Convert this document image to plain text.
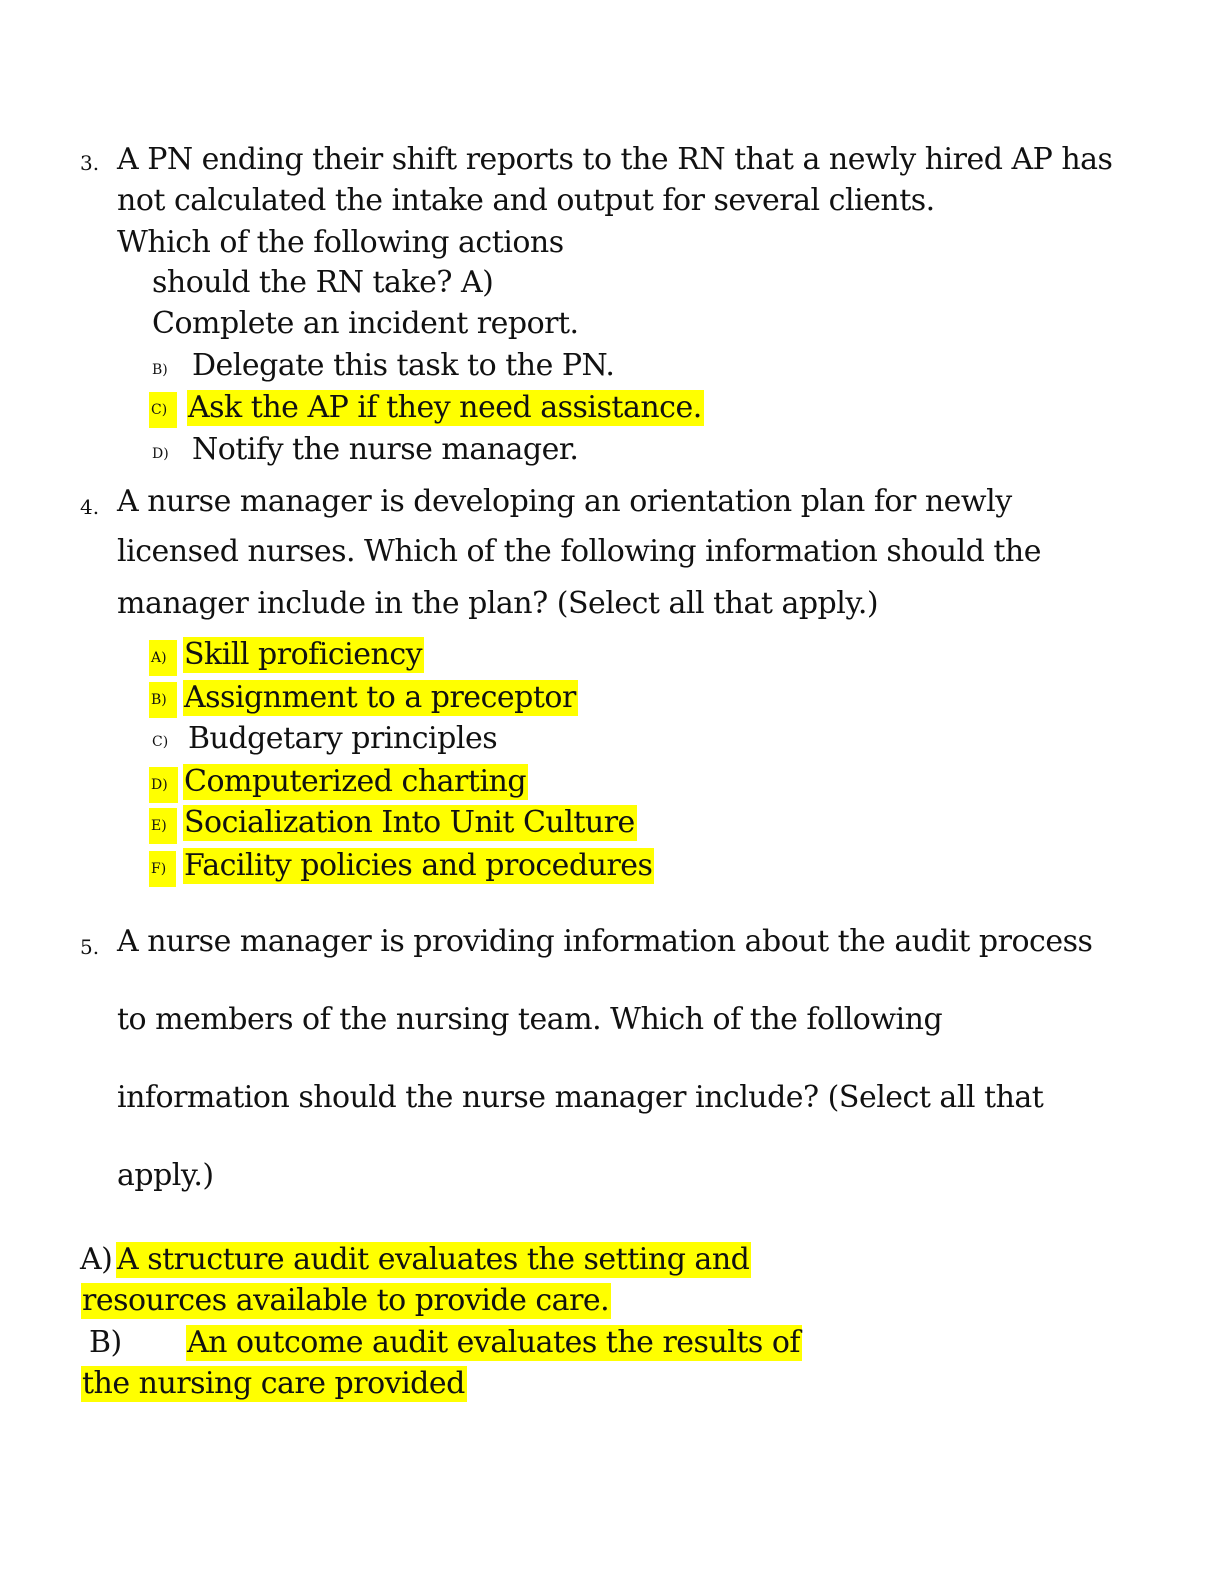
3. A PN ending their shift reports to the RN that a newly hired AP has
not calculated the intake and output for several clients.
Which of the following actions
should the RN take? A)
Complete an incident report.
B) Delegate this task to the PN.
C) Ask the AP if they need assistance.
D) Notify the nurse manager.
4. A nurse manager is developing an orientation plan for newly
licensed nurses. Which of the following information should the
manager include in the plan? (Select all that apply.)
A) Skill proficiency
B) Assignment to a preceptor
C) Budgetary principles
D) Computerized charting
E) Socialization Into Unit Culture
F) Facility policies and procedures
5. A nurse manager is providing information about the audit process
to members of the nursing team. Which of the following
information should the nurse manager include? (Select all that
apply.)
A) A structure audit evaluates the setting and
resources available to provide care.
B) An outcome audit evaluates the results of
the nursing care provided
